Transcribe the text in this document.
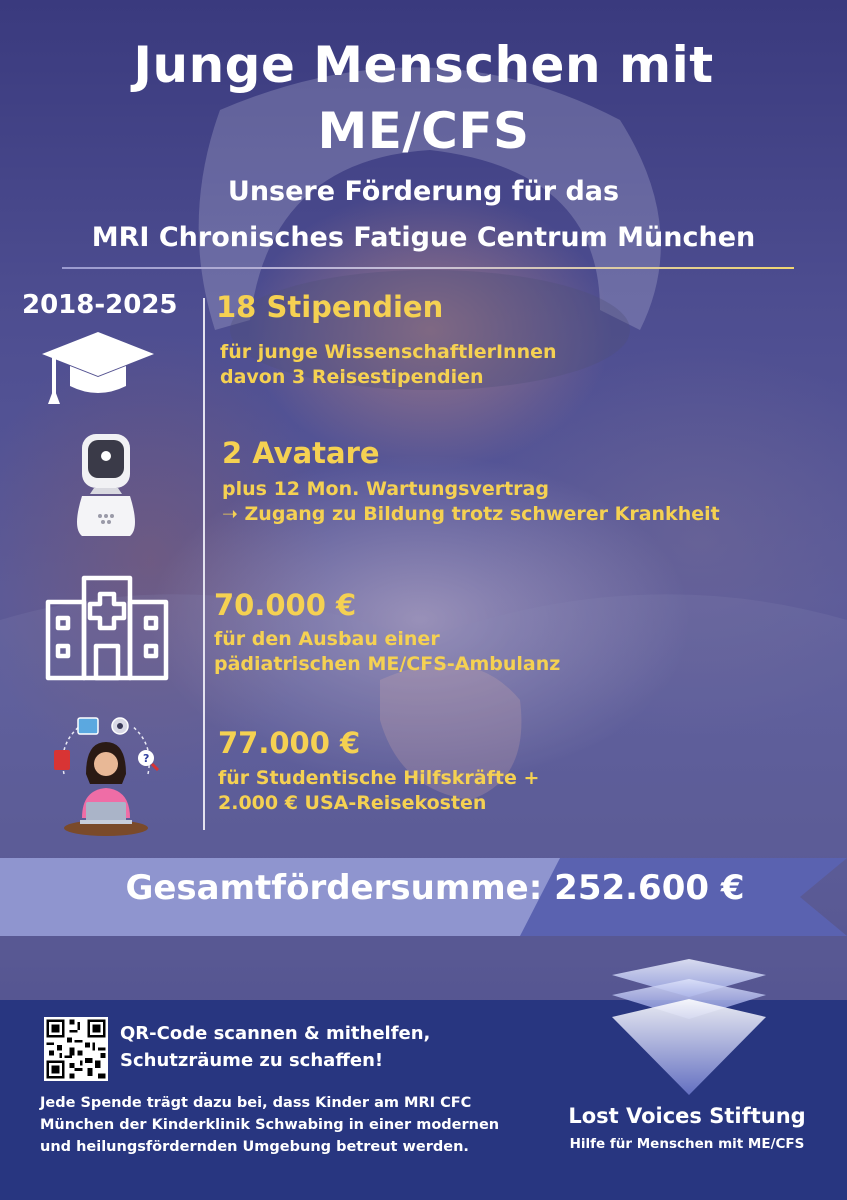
Junge Menschen mit
ME/CFS

Unsere Förderung für das

MRI Chronisches Fatigue Centrum München

2018-2025 18 Stipendien

für junge WissenschaftlerInnen
davon 3 Reisestipendien

2 Avatare

plus 12 Mon. Wartungsvertrag
➝ Zugang zu Bildung trotz schwerer Krankheit

70.000 €

für den Ausbau einer
pädiatrischen ME/CFS-Ambulanz

? 77.000 €

für Studentische Hilfskräfte +
2.000 € USA-Reisekosten

Gesamtfördersumme: 252.600 €

QR-Code scannen & mithelfen,
Schutzräume zu schaffen!

Jede Spende trägt dazu bei, dass Kinder am MRI CFC
München der Kinderklinik Schwabing in einer modernen
und heilungsfördernden Umgebung betreut werden.

Lost Voices Stiftung
Hilfe für Menschen mit ME/CFS
